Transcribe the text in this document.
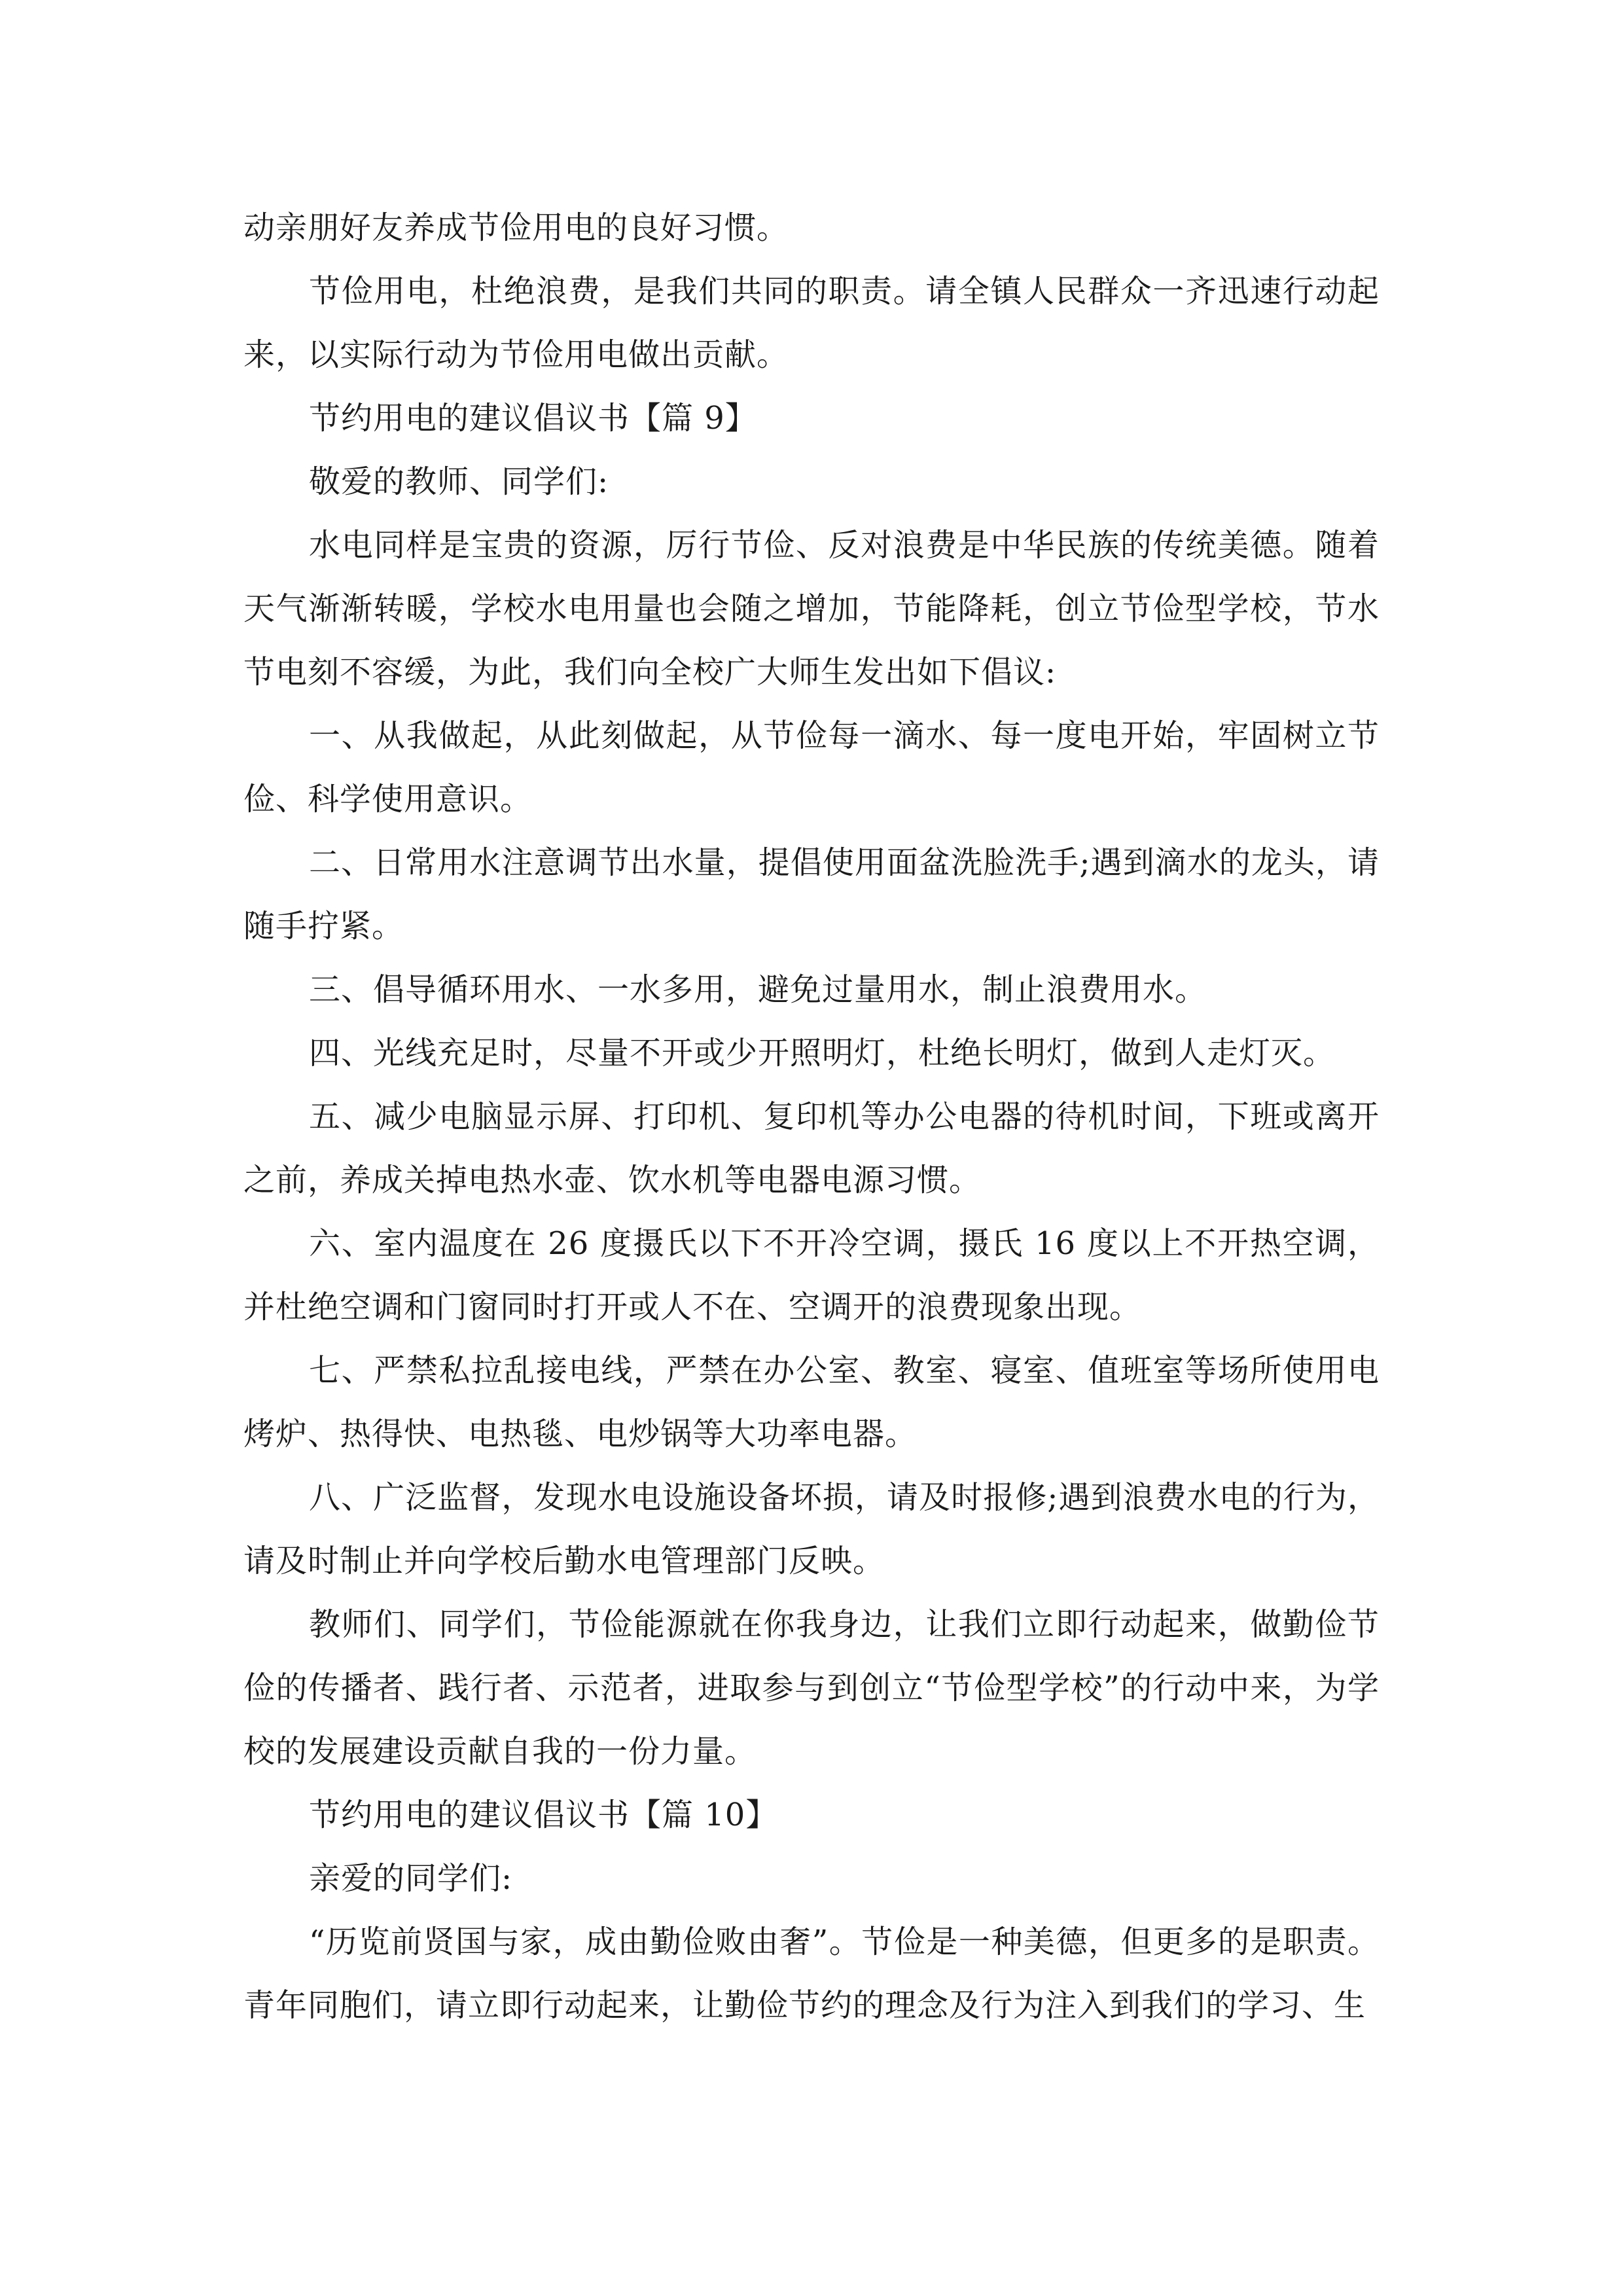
动亲朋好友养成节俭用电的良好习惯。

节俭用电，杜绝浪费，是我们共同的职责。请全镇人民群众一齐迅速行动起来，以实际行动为节俭用电做出贡献。

节约用电的建议倡议书【篇 9】

敬爱的教师、同学们:

水电同样是宝贵的资源，厉行节俭、反对浪费是中华民族的传统美德。随着天气渐渐转暖，学校水电用量也会随之增加，节能降耗，创立节俭型学校，节水节电刻不容缓，为此，我们向全校广大师生发出如下倡议:

一、从我做起，从此刻做起，从节俭每一滴水、每一度电开始，牢固树立节俭、科学使用意识。

二、日常用水注意调节出水量，提倡使用面盆洗脸洗手;遇到滴水的龙头，请随手拧紧。

三、倡导循环用水、一水多用，避免过量用水，制止浪费用水。

四、光线充足时，尽量不开或少开照明灯，杜绝长明灯，做到人走灯灭。

五、减少电脑显示屏、打印机、复印机等办公电器的待机时间，下班或离开之前，养成关掉电热水壶、饮水机等电器电源习惯。

六、室内温度在 26 度摄氏以下不开冷空调，摄氏 16 度以上不开热空调，并杜绝空调和门窗同时打开或人不在、空调开的浪费现象出现。

七、严禁私拉乱接电线，严禁在办公室、教室、寝室、值班室等场所使用电烤炉、热得快、电热毯、电炒锅等大功率电器。

八、广泛监督，发现水电设施设备坏损，请及时报修;遇到浪费水电的行为，请及时制止并向学校后勤水电管理部门反映。

教师们、同学们，节俭能源就在你我身边，让我们立即行动起来，做勤俭节俭的传播者、践行者、示范者，进取参与到创立“节俭型学校”的行动中来，为学校的发展建设贡献自我的一份力量。

节约用电的建议倡议书【篇 10】

亲爱的同学们:

“历览前贤国与家，成由勤俭败由奢”。节俭是一种美德，但更多的是职责。青年同胞们，请立即行动起来，让勤俭节约的理念及行为注入到我们的学习、生
